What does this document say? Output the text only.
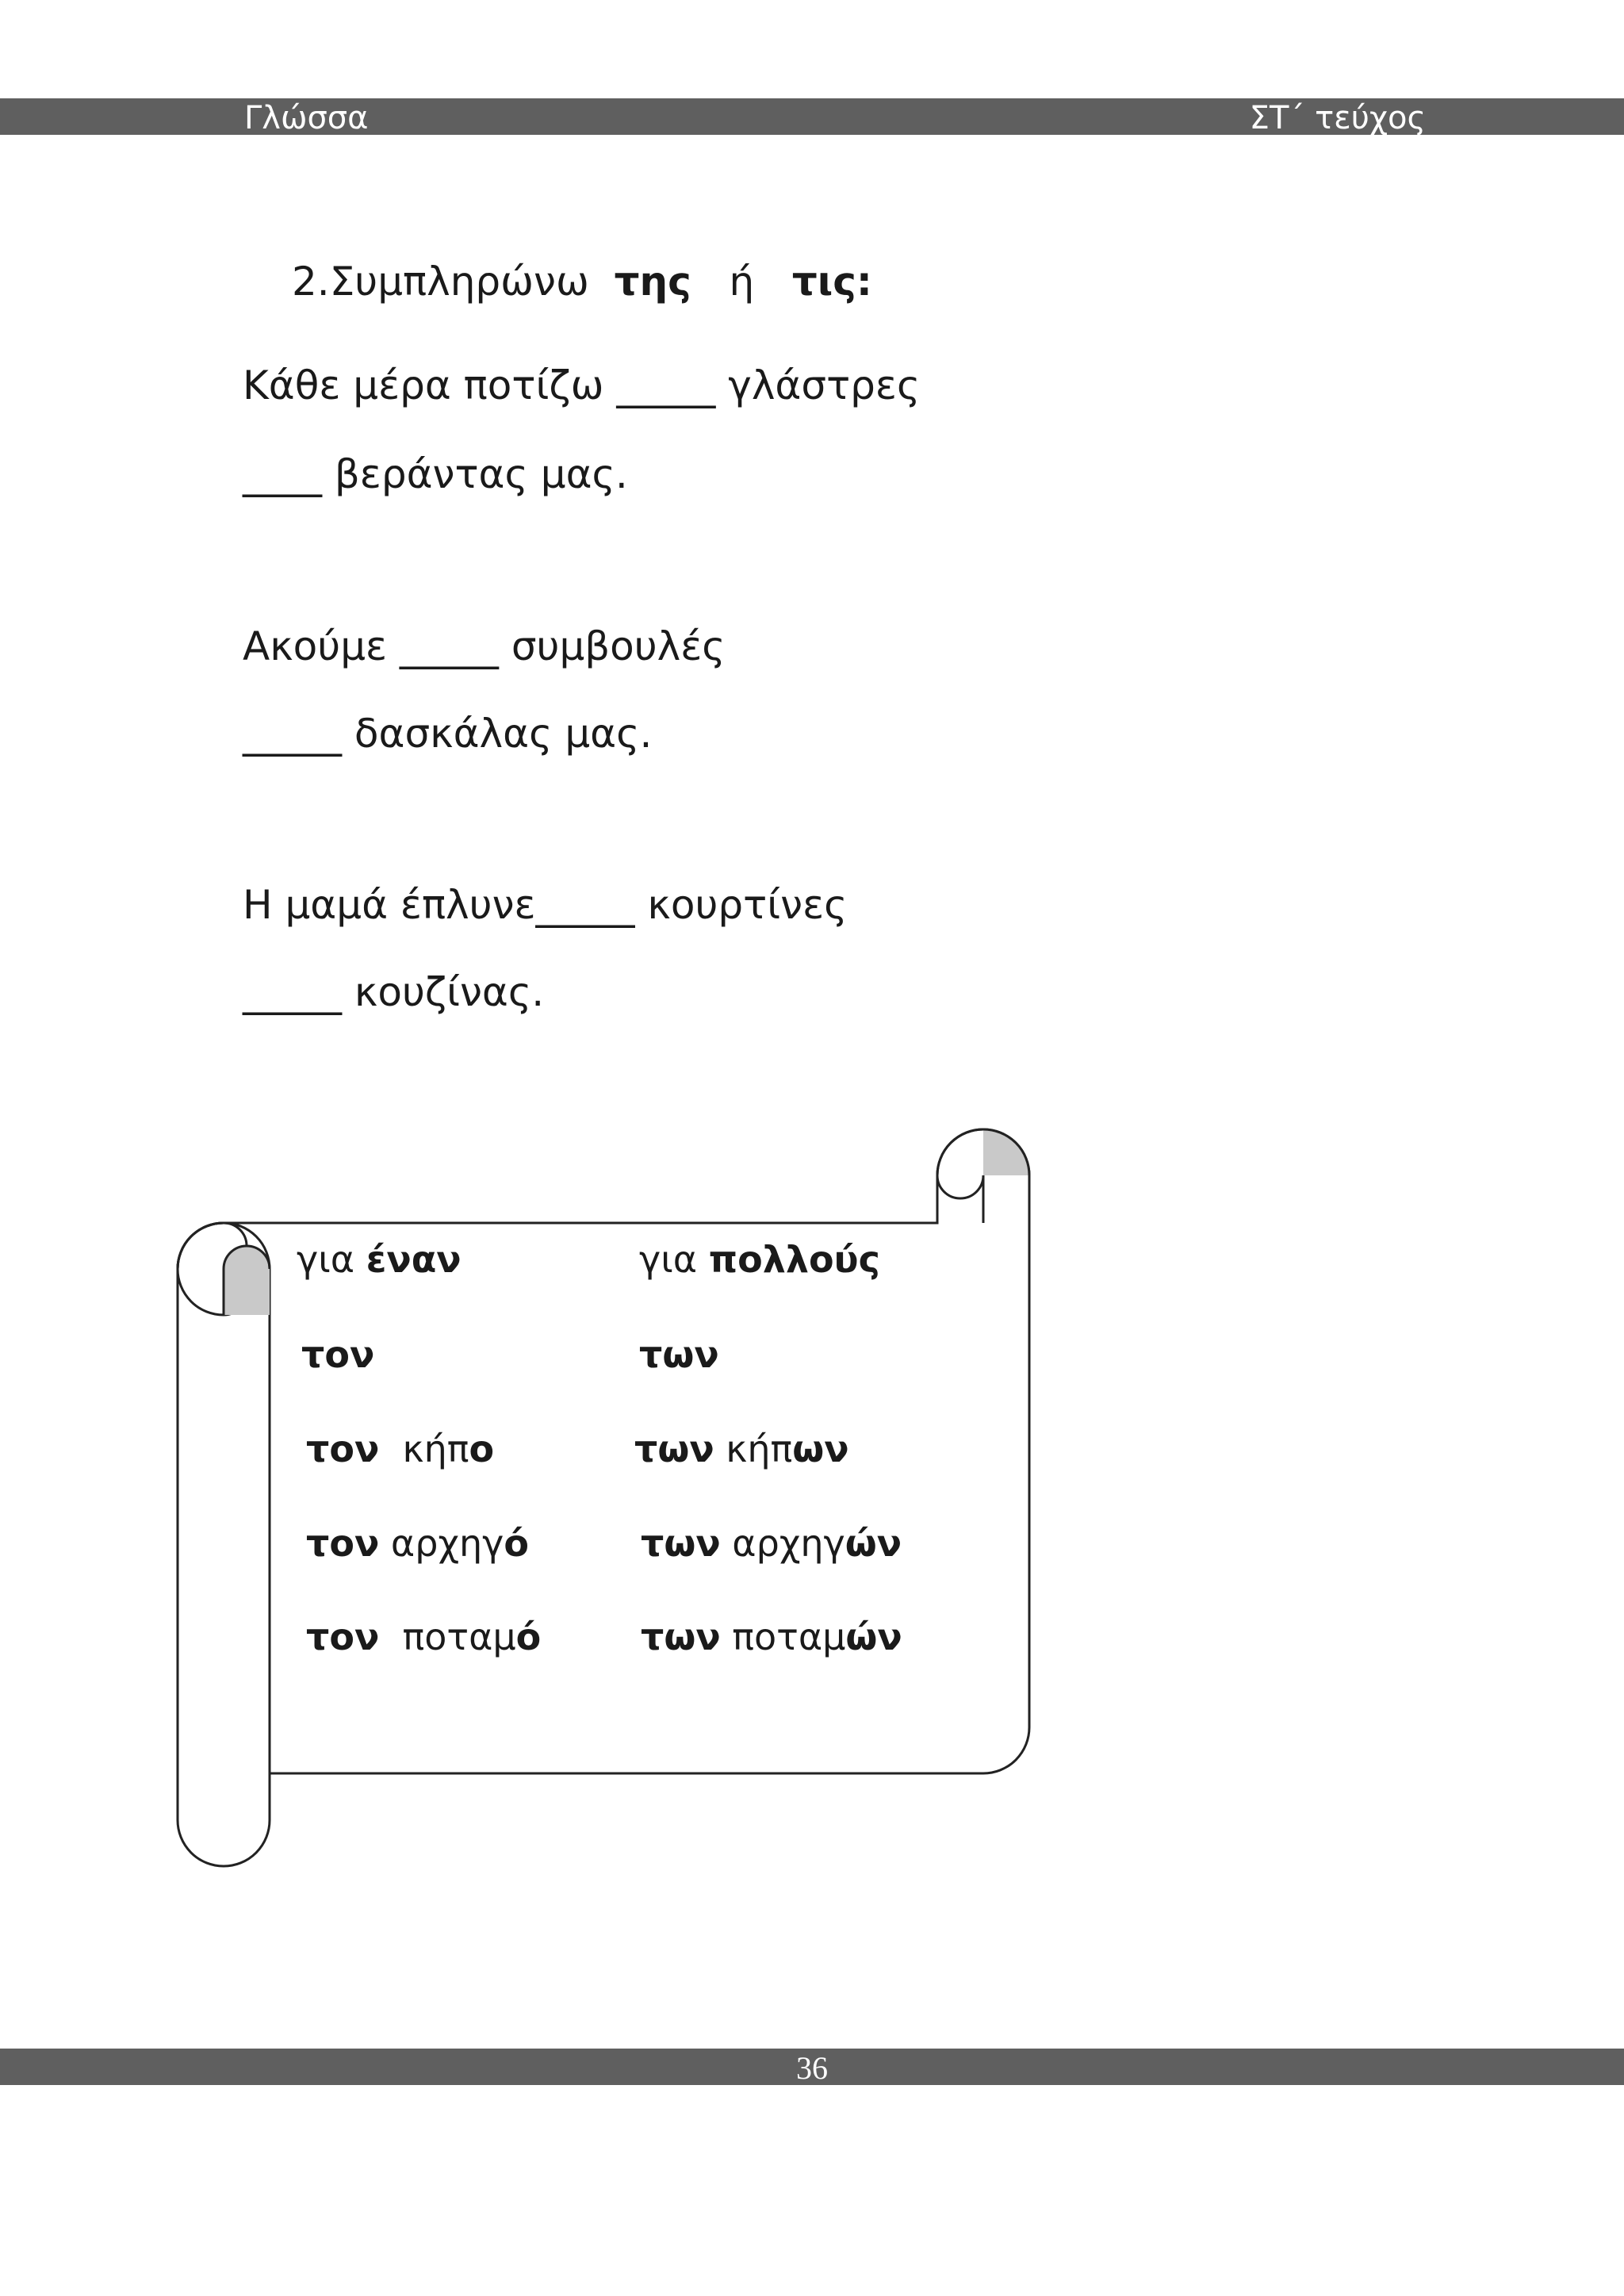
Γλώσσα	ΣΤ΄ τεύχος
2.Συμπληρώνω της ή τις:
Κάθε μέρα ποτίζω _____ γλάστρες
____ βεράντας μας.
Ακούμε _____ συμβουλές
_____ δασκάλας μας.
Η μαμά έπλυνε_____ κουρτίνες
_____ κουζίνας.
για έναν
τον
τον κήπο
τον αρχηγό
τον ποταμό
για πολλούς
των
των κήπων
των αρχηγών
των ποταμών
36
